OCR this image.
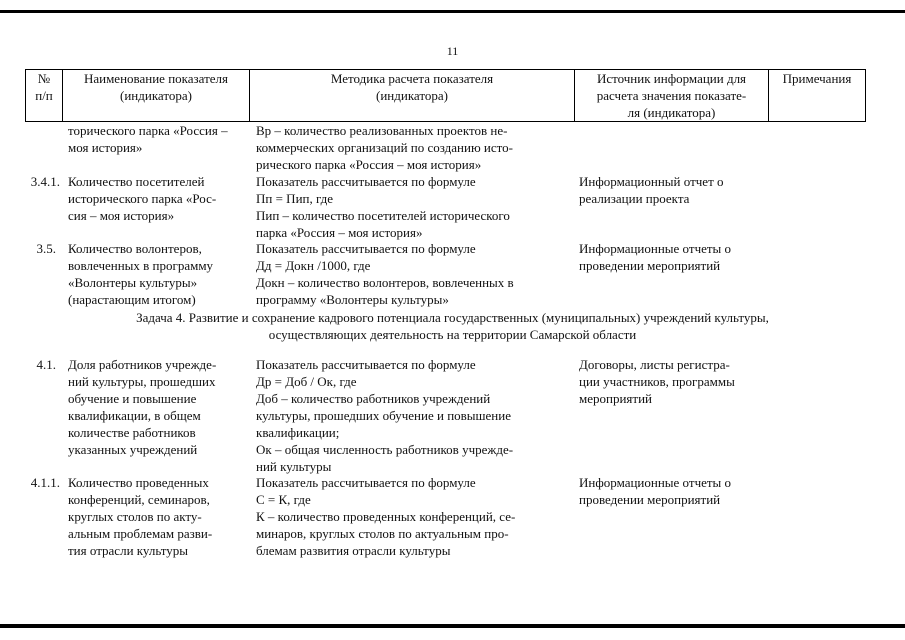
11
№
п/п
Наименование показателя
(индикатора)
Методика расчета показателя
(индикатора)
Источник информации для
расчета значения показате-
ля (индикатора)
Примечания
торического парка «Россия –
моя история»
Вр – количество реализованных проектов не-
коммерческих организаций по созданию исто-
рического парка «Россия – моя история»
3.4.1. Количество посетителей
исторического парка «Рос-
сия – моя история»
Показатель рассчитывается по формуле
Пп = Пип, где
Пип – количество посетителей исторического
парка «Россия – моя история»
Информационный отчет о
реализации проекта
3.5. Количество волонтеров,
вовлеченных в программу
«Волонтеры культуры»
(нарастающим итогом)
Показатель рассчитывается по формуле
Дд = Докн /1000, где
Докн – количество волонтеров, вовлеченных в
программу «Волонтеры культуры»
Информационные отчеты о
проведении мероприятий
Задача 4. Развитие и сохранение кадрового потенциала государственных (муниципальных) учреждений культуры,
осуществляющих деятельность на территории Самарской области
4.1. Доля работников учрежде-
ний культуры, прошедших
обучение и повышение
квалификации, в общем
количестве работников
указанных учреждений
Показатель рассчитывается по формуле
Др = Доб / Ок, где
Доб – количество работников учреждений
культуры, прошедших обучение и повышение
квалификации;
Ок – общая численность работников учрежде-
ний культуры
Договоры, листы регистра-
ции участников, программы
мероприятий
4.1.1. Количество проведенных
конференций, семинаров,
круглых столов по акту-
альным проблемам разви-
тия отрасли культуры
Показатель рассчитывается по формуле
С = К, где
К – количество проведенных конференций, се-
минаров, круглых столов по актуальным про-
блемам развития отрасли культуры
Информационные отчеты о
проведении мероприятий
